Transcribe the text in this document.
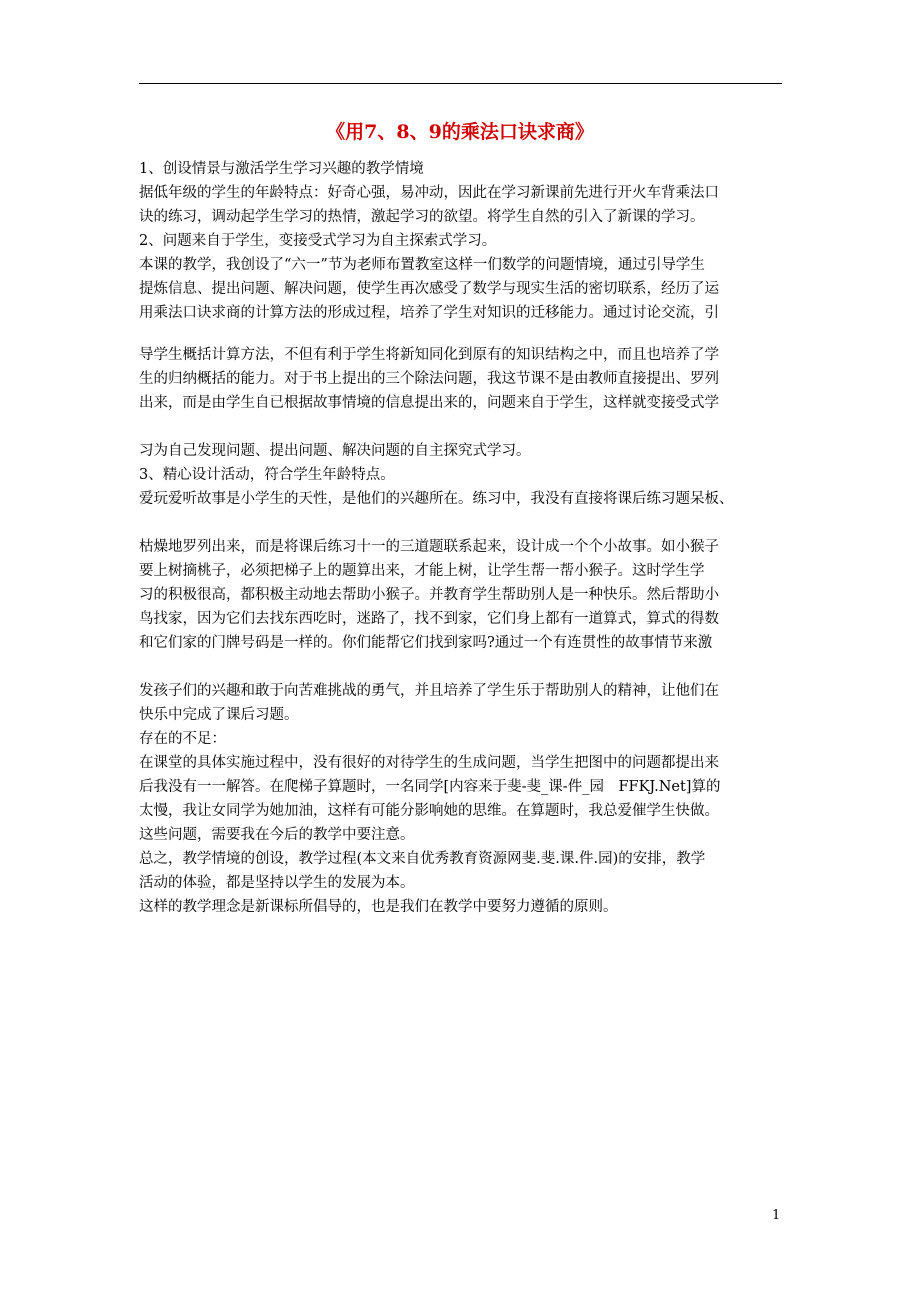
《用7、8、9的乘法口诀求商》
1、创设情景与激活学生学习兴趣的教学情境
据低年级的学生的年龄特点：好奇心强，易冲动，因此在学习新课前先进行开火车背乘法口
诀的练习，调动起学生学习的热情，激起学习的欲望。将学生自然的引入了新课的学习。
2、问题来自于学生，变接受式学习为自主探索式学习。
本课的教学，我创设了“六一”节为老师布置教室这样一们数学的问题情境，通过引导学生
提炼信息、提出问题、解决问题，使学生再次感受了数学与现实生活的密切联系，经历了运
用乘法口诀求商的计算方法的形成过程，培养了学生对知识的迁移能力。通过讨论交流，引
导学生概括计算方法，不但有利于学生将新知同化到原有的知识结构之中，而且也培养了学
生的归纳概括的能力。对于书上提出的三个除法问题，我这节课不是由教师直接提出、罗列
出来，而是由学生自已根据故事情境的信息提出来的，问题来自于学生，这样就变接受式学
习为自己发现问题、提出问题、解决问题的自主探究式学习。
3、精心设计活动，符合学生年龄特点。
爱玩爱听故事是小学生的天性，是他们的兴趣所在。练习中，我没有直接将课后练习题呆板、
枯燥地罗列出来，而是将课后练习十一的三道题联系起来，设计成一个个小故事。如小猴子
要上树摘桃子，必须把梯子上的题算出来，才能上树，让学生帮一帮小猴子。这时学生学
习的积极很高，都积极主动地去帮助小猴子。并教育学生帮助别人是一种快乐。然后帮助小
鸟找家，因为它们去找东西吃时，迷路了，找不到家，它们身上都有一道算式，算式的得数
和它们家的门牌号码是一样的。你们能帮它们找到家吗?通过一个有连贯性的故事情节来激
发孩子们的兴趣和敢于向苦难挑战的勇气，并且培养了学生乐于帮助别人的精神，让他们在
快乐中完成了课后习题。
存在的不足：
在课堂的具体实施过程中，没有很好的对待学生的生成问题，当学生把图中的问题都提出来
后我没有一一解答。在爬梯子算题时，一名同学[内容来于斐-斐_课-件_园　FFKJ.Net]算的
太慢，我让女同学为她加油，这样有可能分影响她的思维。在算题时，我总爱催学生快做。
这些问题，需要我在今后的教学中要注意。
总之，教学情境的创设，教学过程(本文来自优秀教育资源网斐.斐.课.件.园)的安排，教学
活动的体验，都是坚持以学生的发展为本。
这样的教学理念是新课标所倡导的，也是我们在教学中要努力遵循的原则。
1
